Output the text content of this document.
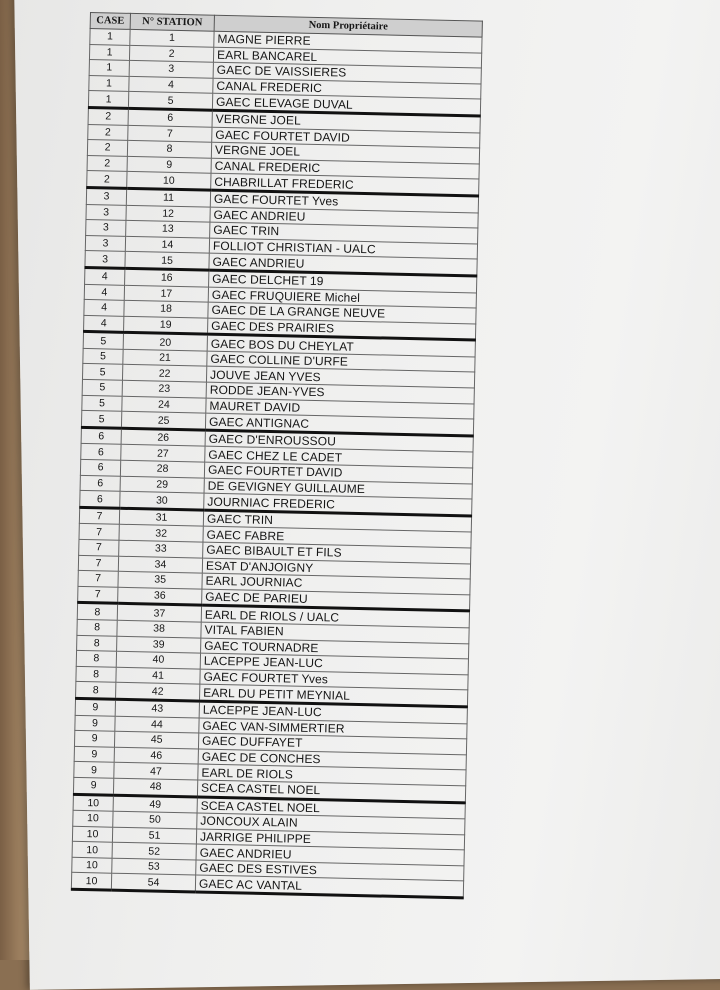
CASE	N° STATION	Nom Propriétaire
1	1	MAGNE PIERRE
1	2	EARL BANCAREL
1	3	GAEC DE VAISSIERES
1	4	CANAL FREDERIC
1	5	GAEC ELEVAGE DUVAL
2	6	VERGNE JOEL
2	7	GAEC FOURTET DAVID
2	8	VERGNE JOEL
2	9	CANAL FREDERIC
2	10	CHABRILLAT FREDERIC
3	11	GAEC FOURTET Yves
3	12	GAEC ANDRIEU
3	13	GAEC TRIN
3	14	FOLLIOT CHRISTIAN - UALC
3	15	GAEC ANDRIEU
4	16	GAEC DELCHET 19
4	17	GAEC FRUQUIERE Michel
4	18	GAEC DE LA GRANGE NEUVE
4	19	GAEC DES PRAIRIES
5	20	GAEC BOS DU CHEYLAT
5	21	GAEC COLLINE D'URFE
5	22	JOUVE JEAN YVES
5	23	RODDE JEAN-YVES
5	24	MAURET DAVID
5	25	GAEC ANTIGNAC
6	26	GAEC D'ENROUSSOU
6	27	GAEC CHEZ LE CADET
6	28	GAEC FOURTET DAVID
6	29	DE GEVIGNEY GUILLAUME
6	30	JOURNIAC FREDERIC
7	31	GAEC TRIN
7	32	GAEC FABRE
7	33	GAEC BIBAULT ET FILS
7	34	ESAT D'ANJOIGNY
7	35	EARL JOURNIAC
7	36	GAEC DE PARIEU
8	37	EARL DE RIOLS / UALC
8	38	VITAL FABIEN
8	39	GAEC TOURNADRE
8	40	LACEPPE JEAN-LUC
8	41	GAEC FOURTET Yves
8	42	EARL DU PETIT MEYNIAL
9	43	LACEPPE JEAN-LUC
9	44	GAEC VAN-SIMMERTIER
9	45	GAEC DUFFAYET
9	46	GAEC DE CONCHES
9	47	EARL DE RIOLS
9	48	SCEA CASTEL NOEL
10	49	SCEA CASTEL NOEL
10	50	JONCOUX ALAIN
10	51	JARRIGE PHILIPPE
10	52	GAEC ANDRIEU
10	53	GAEC DES ESTIVES
10	54	GAEC AC VANTAL
